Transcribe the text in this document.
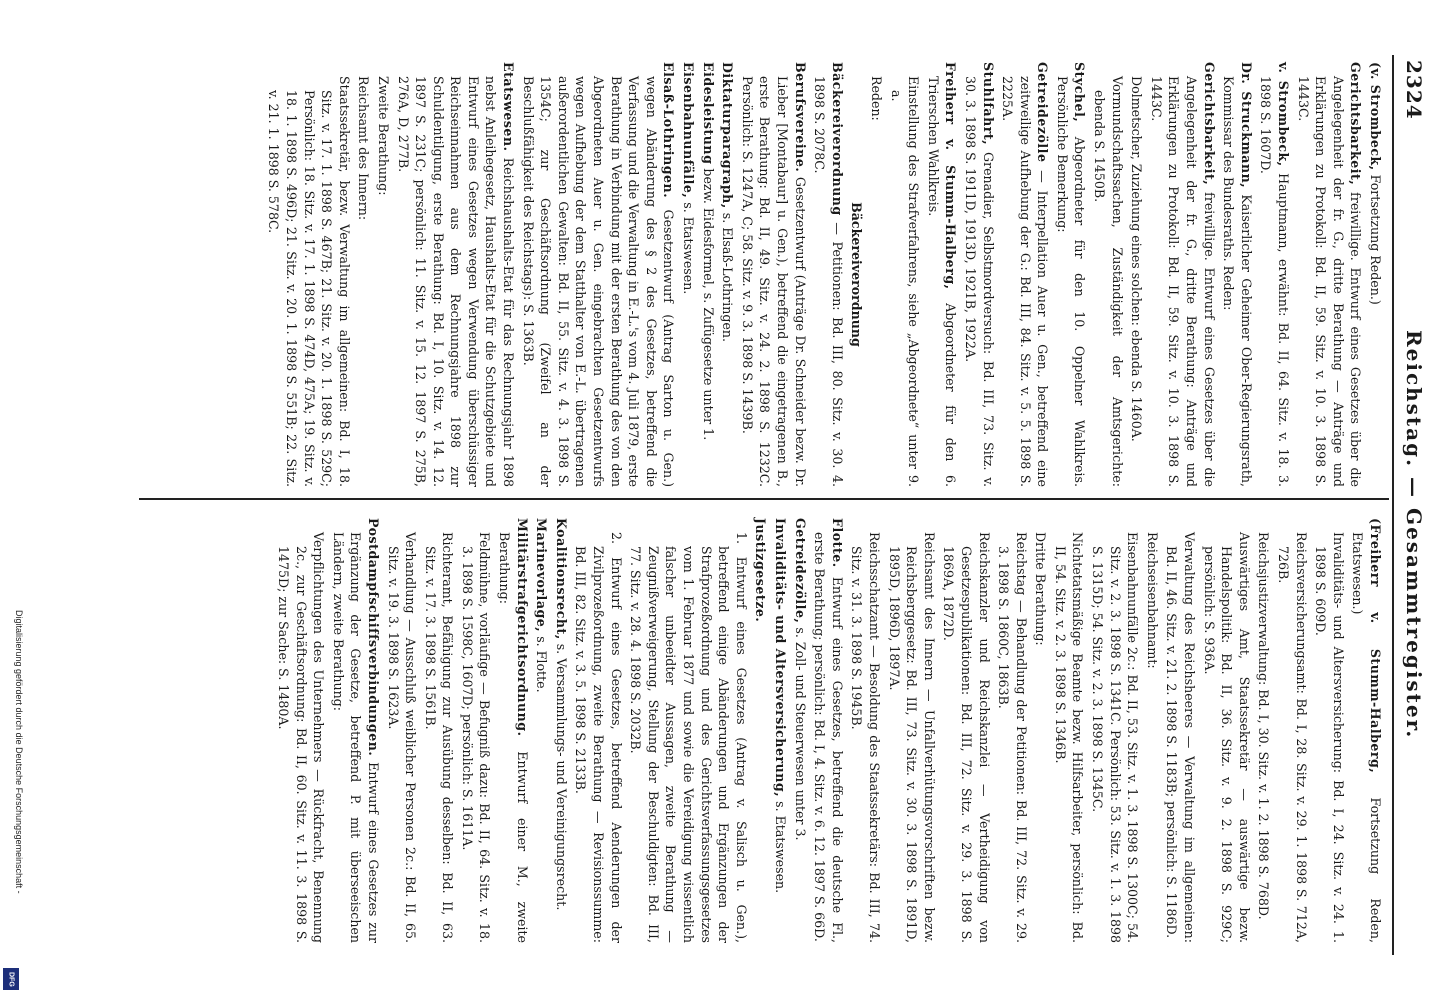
Digitalisierung gefördert durch die Deutsche Forschungsgemeinschaft -
DFG
2324
Reichstag. — Gesammtregister.
(v. Strombeck, Fortsetzung Reden.)
Gerichtsbarkeit, freiwillige. Entwurf eines Gesetzes über die Angelegenheit der fr. G., dritte Berathung — Anträge und Erklärungen zu Protokoll: Bd. II, 59. Sitz. v. 10. 3. 1898 S. 1443C.
v. Strombeck, Hauptmann, erwähnt: Bd. II, 64. Sitz. v. 18. 3. 1898 S. 1607D.
Dr. Struckmann, Kaiserlicher Geheimer Ober-Regierungsrath, Kommissar des Bundesraths. Reden:
Gerichtsbarkeit, freiwillige. Entwurf eines Gesetzes über die Angelegenheit der fr. G., dritte Berathung: Anträge und Erklärungen zu Protokoll: Bd. II, 59. Sitz. v. 10. 3. 1898 S. 1443C.
Dolmetscher, Zuziehung eines solchen: ebenda S. 1460A.
Vormundschaftssachen, Zuständigkeit der Amtsgerichte: ebenda S. 1450B.
Stychel, Abgeordneter für den 10. Oppelner Wahlkreis. Persönliche Bemerkung:
Getreidezölle — Interpellation Auer u. Gen., betreffend eine zeitweilige Aufhebung der G.: Bd. III, 84. Sitz. v. 5. 5. 1898 S. 2225A.
Stuhlfahrt, Grenadier, Selbstmordversuch: Bd. III, 73. Sitz. v. 30. 3. 1898 S. 1911D, 1913D, 1921B, 1922A.
Freiherr v. Stumm-Halberg, Abgeordneter für den 6. Trierschen Wahlkreis.
Einstellung des Strafverfahrens, siehe „Abgeordnete“ unter 9. a.
Reden:
Bäckereiverordnung
Bäckereiverordnung — Petitionen: Bd. III, 80. Sitz. v. 30. 4. 1898 S. 2078C.
Berufsvereine. Gesetzentwurf (Anträge Dr. Schneider bezw. Dr. Lieber [Montabaur] u. Gen.), betreffend die eingetragenen B., erste Berathung: Bd. II, 49. Sitz. v. 24. 2. 1898 S. 1232C. Persönlich: S. 1247A, C; 58. Sitz. v. 9. 3. 1898 S. 1439B.
Diktaturparagraph, s. Elsaß-Lothringen.
Eidesleistung bezw. Eidesformel, s. Zufügesetze unter 1.
Eisenbahnunfälle, s. Etatswesen.
Elsaß-Lothringen. Gesetzentwurf (Antrag Sarton u. Gen.) wegen Abänderung des § 2 des Gesetzes, betreffend die Verfassung und die Verwaltung in E.-L.'s vom 4. Juli 1879, erste Berathung in Verbindung mit der ersten Berathung des von den Abgeordneten Auer u. Gen. eingebrachten Gesetzentwurfs wegen Aufhebung der dem Statthalter von E.-L. übertragenen außerordentlichen Gewalten: Bd. II, 55. Sitz. v. 4. 3. 1898 S. 1354C; zur Geschäftsordnung (Zweifel an der Beschlußfähigkeit des Reichstags): S. 1363B.
Etatswesen. Reichshaushalts-Etat für das Rechnungsjahr 1898 nebst Anleihegesetz, Haushalts-Etat für die Schutzgebiete und Entwurf eines Gesetzes wegen Verwendung überschüssiger Reichseinnahmen aus dem Rechnungsjahre 1898 zur Schuldentilgung, erste Berathung: Bd. I, 10. Sitz. v. 14. 12. 1897 S. 231C; persönlich: 11. Sitz. v. 15. 12. 1897 S. 275B, 276A, D, 277B.
Zweite Berathung:
Reichsamt des Innern:
Staatssekretär, bezw. Verwaltung im allgemeinen: Bd. I, 18. Sitz. v. 17. 1. 1898 S. 467B; 21. Sitz. v. 20. 1. 1898 S. 529C; Persönlich: 18. Sitz. v. 17. 1. 1898 S. 474D, 475A; 19. Sitz. v. 18. 1. 1898 S. 496D; 21. Sitz. v. 20. 1. 1898 S. 551B; 22. Sitz. v. 21. 1. 1898 S. 578C.
(Freiherr v. Stumm-Halberg, Fortsetzung Reden, Etatswesen.)
Invaliditäts- und Altersversicherung: Bd. I, 24. Sitz. v. 24. 1. 1898 S. 609D.
Reichsversicherungsamt: Bd. I, 28. Sitz. v. 29. 1. 1898 S. 712A, 726B.
Reichsjustizverwaltung: Bd. I, 30. Sitz. v. 1. 2. 1898 S. 768D.
Auswärtiges Amt, Staatssekretär — auswärtige bezw. Handelspolitik: Bd. II, 36. Sitz. v. 9. 2. 1898 S. 929C; persönlich: S. 936A.
Verwaltung des Reichsheeres — Verwaltung im allgemeinen: Bd. II, 46. Sitz. v. 21. 2. 1898 S. 1183B; persönlich: S. 1186D.
Reichseisenbahnamt:
Eisenbahnunfälle 2c.: Bd. II, 53. Sitz. v. 1. 3. 1898 S. 1300C; 54. Sitz. v. 2. 3. 1898 S. 1341C. Persönlich: 53. Sitz. v. 1. 3. 1898 S. 1315D; 54. Sitz. v. 2. 3. 1898 S. 1345C.
Nichtetatsmäßige Beamte bezw. Hilfsarbeiter, persönlich: Bd. II, 54. Sitz. v. 2. 3. 1898 S. 1346B.
Dritte Berathung:
Reichstag — Behandlung der Petitionen: Bd. III, 72. Sitz. v. 29. 3. 1898 S. 1860C, 1863B.
Reichskanzler und Reichskanzlei — Vertheidigung von Gesetzespublikationen: Bd. III, 72. Sitz. v. 29. 3. 1898 S. 1869A, 1872D.
Reichsamt des Innern — Unfallverhütungsvorschriften bezw. Reichsberggesetz: Bd. III, 73. Sitz. v. 30. 3. 1898 S. 1891D, 1895D, 1896D, 1897A.
Reichsschatzamt — Besoldung des Staatssekretärs: Bd. III, 74. Sitz. v. 31. 3. 1898 S. 1945B.
Flotte. Entwurf eines Gesetzes, betreffend die deutsche Fl., erste Berathung; persönlich: Bd. I, 4. Sitz. v. 6. 12. 1897 S. 66D.
Getreidezölle, s. Zoll- und Steuerwesen unter 3.
Invaliditäts- und Altersversicherung, s. Etatswesen.
Justizgesetze.
1. Entwurf eines Gesetzes (Antrag v. Salisch u. Gen.), betreffend einige Abänderungen und Ergänzungen der Strafprozeßordnung und des Gerichtsverfassungsgesetzes vom 1. Februar 1877 und sowie die Vereidigung wissentlich falscher unbeeidter Aussagen, zweite Berathung — Zeugnißverweigerung, Stellung der Beschuldigten: Bd. III, 77. Sitz. v. 28. 4. 1898 S. 2032B.
2. Entwurf eines Gesetzes, betreffend Aenderungen der Zivilprozeßordnung, zweite Berathung — Revisionssumme: Bd. III, 82. Sitz. v. 3. 5. 1898 S. 2133B.
Koalitionsrecht, s. Versammlungs- und Vereinigungsrecht.
Marinevorlage, s. Flotte.
Militärstrafgerichtsordnung. Entwurf einer M., zweite Berathung:
Feldmühne, vorläufige — Befugniß dazu: Bd. II, 64. Sitz. v. 18. 3. 1898 S. 1598C, 1607D; persönlich: S. 1611A.
Richteramt, Befähigung zur Ausübung desselben: Bd. II, 63. Sitz. v. 17. 3. 1898 S. 1561B.
Verhandlung — Ausschluß weiblicher Personen 2c.: Bd. II, 65. Sitz. v. 19. 3. 1898 S. 1623A.
Postdampfschiffsverbindungen. Entwurf eines Gesetzes zur Ergänzung der Gesetze, betreffend P. mit überseeischen Ländern, zweite Berathung:
Verpflichtungen des Unternehmers — Rückfracht, Benennung 2c., zur Geschäftsordnung: Bd. II, 60. Sitz. v. 11. 3. 1898 S. 1475D; zur Sache: S. 1480A.
